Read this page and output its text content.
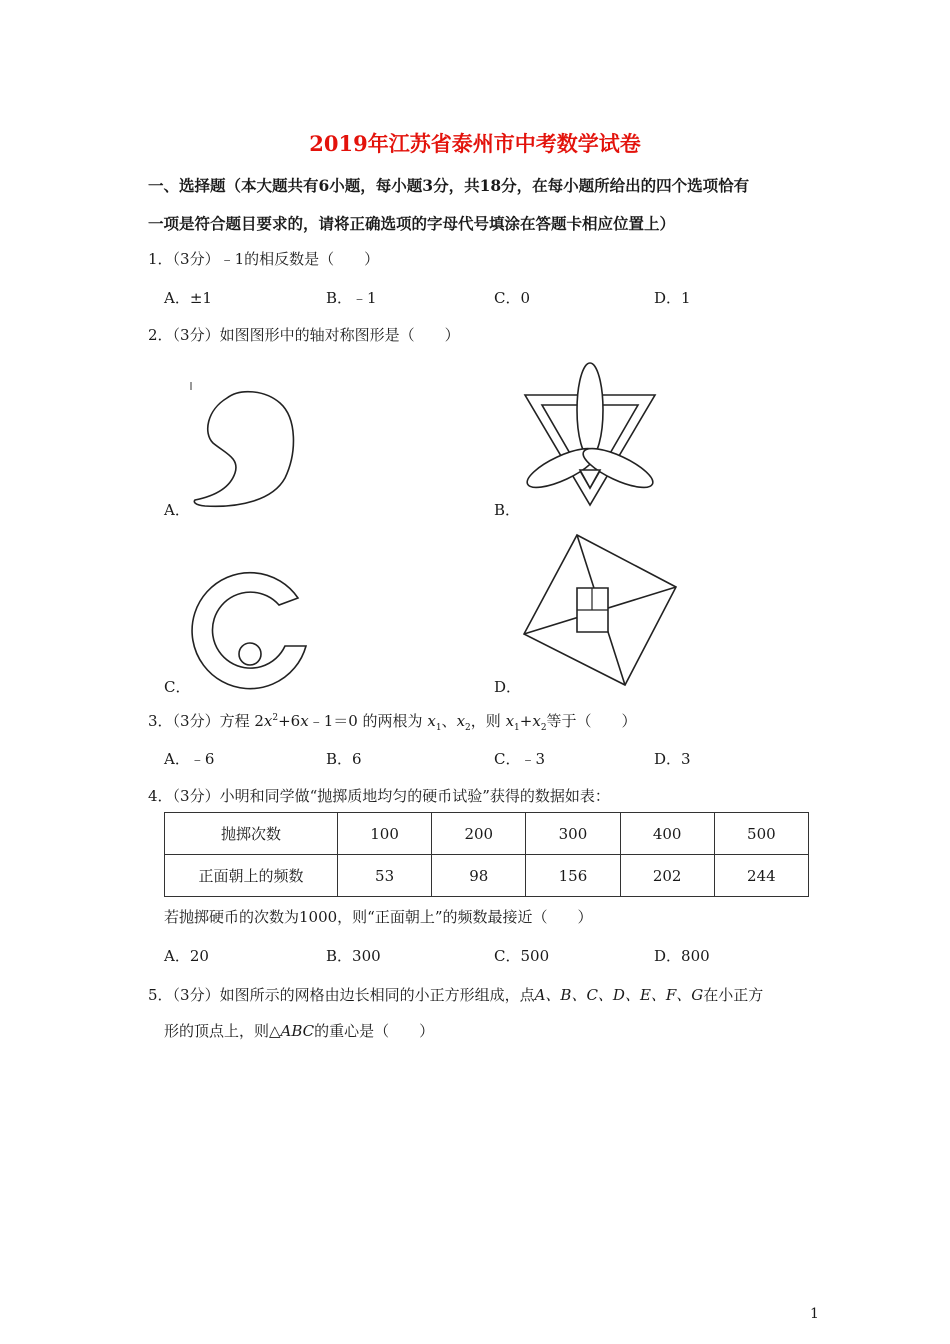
2019年江苏省泰州市中考数学试卷
一、选择题（本大题共有6小题，每小题3分，共18分，在每小题所给出的四个选项恰有
一项是符合题目要求的，请将正确选项的字母代号填涂在答题卡相应位置上）
1．（3分）﹣1的相反数是（　　）
A．±1	B．﹣1	C．0	D．1
2．（3分）如图图形中的轴对称图形是（　　）
A．	B．
C．	D．
3．（3分）方程 $2x^2+6x﹣1=0$ 的两根为 $x_1$、$x_2$，则 $x_1+x_2$等于（　　）
A．﹣6	B．6	C．﹣3	D．3
4．（3分）小明和同学做“抛掷质地均匀的硬币试验”获得的数据如表：
抛掷次数	100	200	300	400	500
正面朝上的频数	53	98	156	202	244
若抛掷硬币的次数为1000，则“正面朝上”的频数最接近（　　）
A．20	B．300	C．500	D．800
5．（3分）如图所示的网格由边长相同的小正方形组成，点A、B、C、D、E、F、G在小正方
形的顶点上，则△ABC的重心是（　　）
1
